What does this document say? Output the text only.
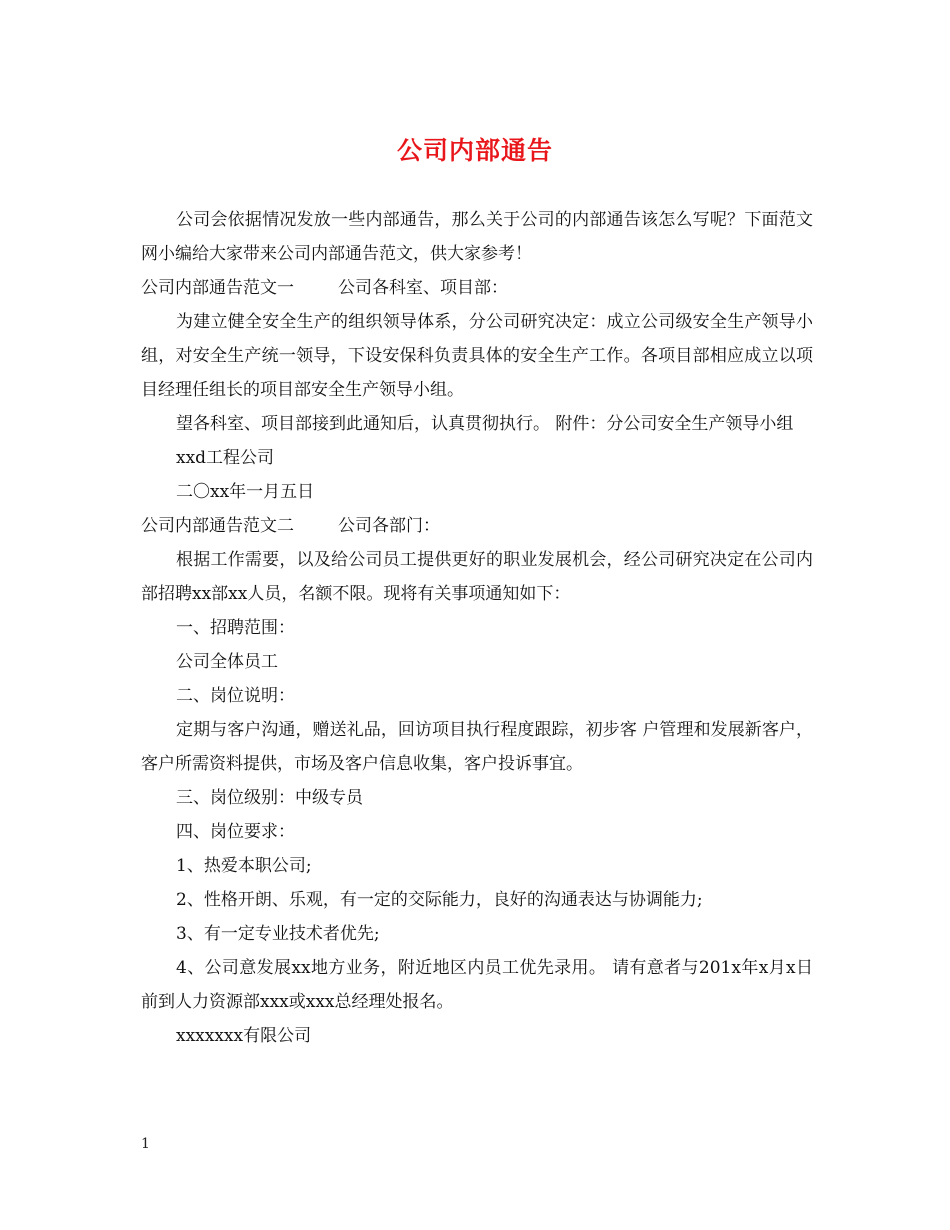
公司内部通告

公司会依据情况发放一些内部通告，那么关于公司的内部通告该怎么写呢？下面范文网小编给大家带来公司内部通告范文，供大家参考！

公司内部通告范文一	公司各科室、项目部：

为建立健全安全生产的组织领导体系，分公司研究决定：成立公司级安全生产领导小组，对安全生产统一领导，下设安保科负责具体的安全生产工作。各项目部相应成立以项目经理任组长的项目部安全生产领导小组。

望各科室、项目部接到此通知后，认真贯彻执行。 附件：分公司安全生产领导小组

xxd工程公司

二〇xx年一月五日

公司内部通告范文二	公司各部门：

根据工作需要，以及给公司员工提供更好的职业发展机会，经公司研究决定在公司内部招聘xx部xx人员，名额不限。现将有关事项通知如下：

一、招聘范围：

公司全体员工

二、岗位说明：

定期与客户沟通，赠送礼品，回访项目执行程度跟踪，初步客 户管理和发展新客户，客户所需资料提供，市场及客户信息收集，客户投诉事宜。

三、岗位级别：中级专员

四、岗位要求：

1、热爱本职公司;

2、性格开朗、乐观，有一定的交际能力，良好的沟通表达与协调能力;

3、有一定专业技术者优先;

4、公司意发展xx地方业务，附近地区内员工优先录用。 请有意者与201x年x月x日前到人力资源部xxx或xxx总经理处报名。

xxxxxxx有限公司

1
